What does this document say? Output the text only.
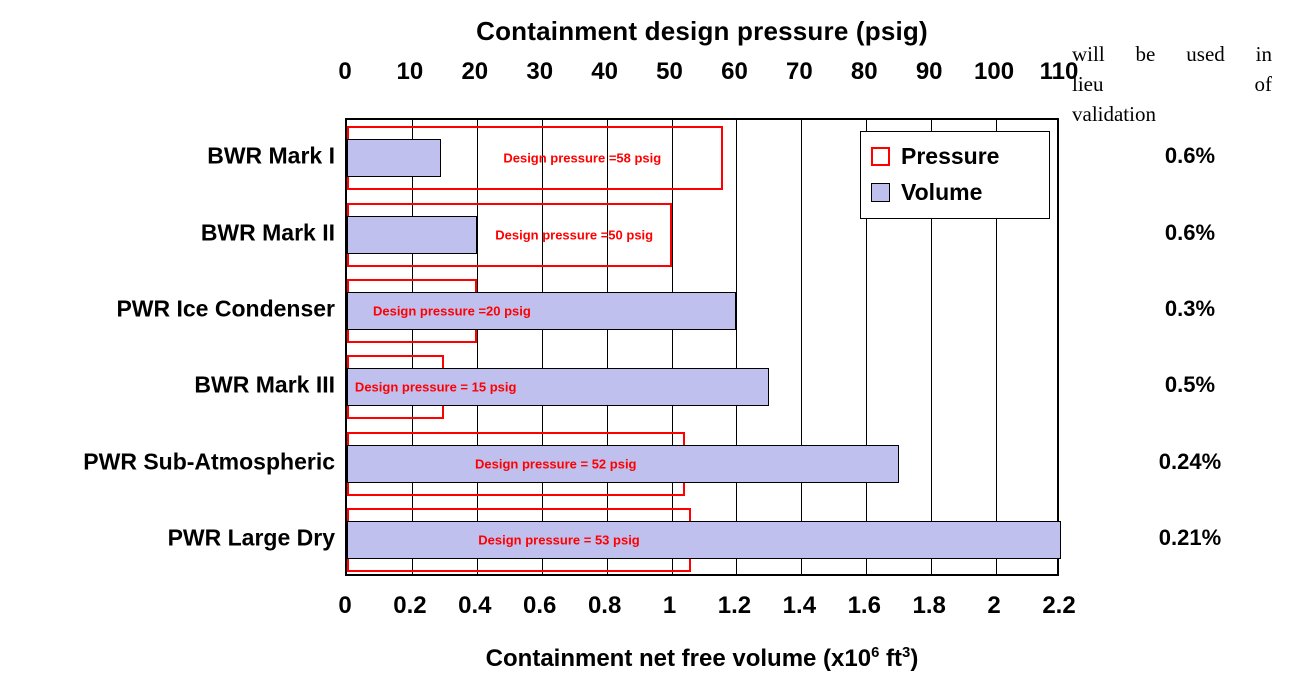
Containment design pressure (psig)
0 10 20 30 40 50 60 70 80 90 100 110
Design pressure =58 psig
Design pressure =50 psig
Design pressure =20 psig
Design pressure = 15 psig
Design pressure = 52 psig
Design pressure = 53 psig
Pressure
Volume
0 0.2 0.4 0.6 0.8 1 1.2 1.4 1.6 1.8 2 2.2
Containment net free volume ($x10^6$ $ft^3$)
will be used in
lieu	of
validation
BWR Mark I	0.6%
BWR Mark II	0.6%
PWR Ice Condenser	0.3%
BWR Mark III	0.5%
PWR Sub-Atmospheric	0.24%
PWR Large Dry	0.21%
